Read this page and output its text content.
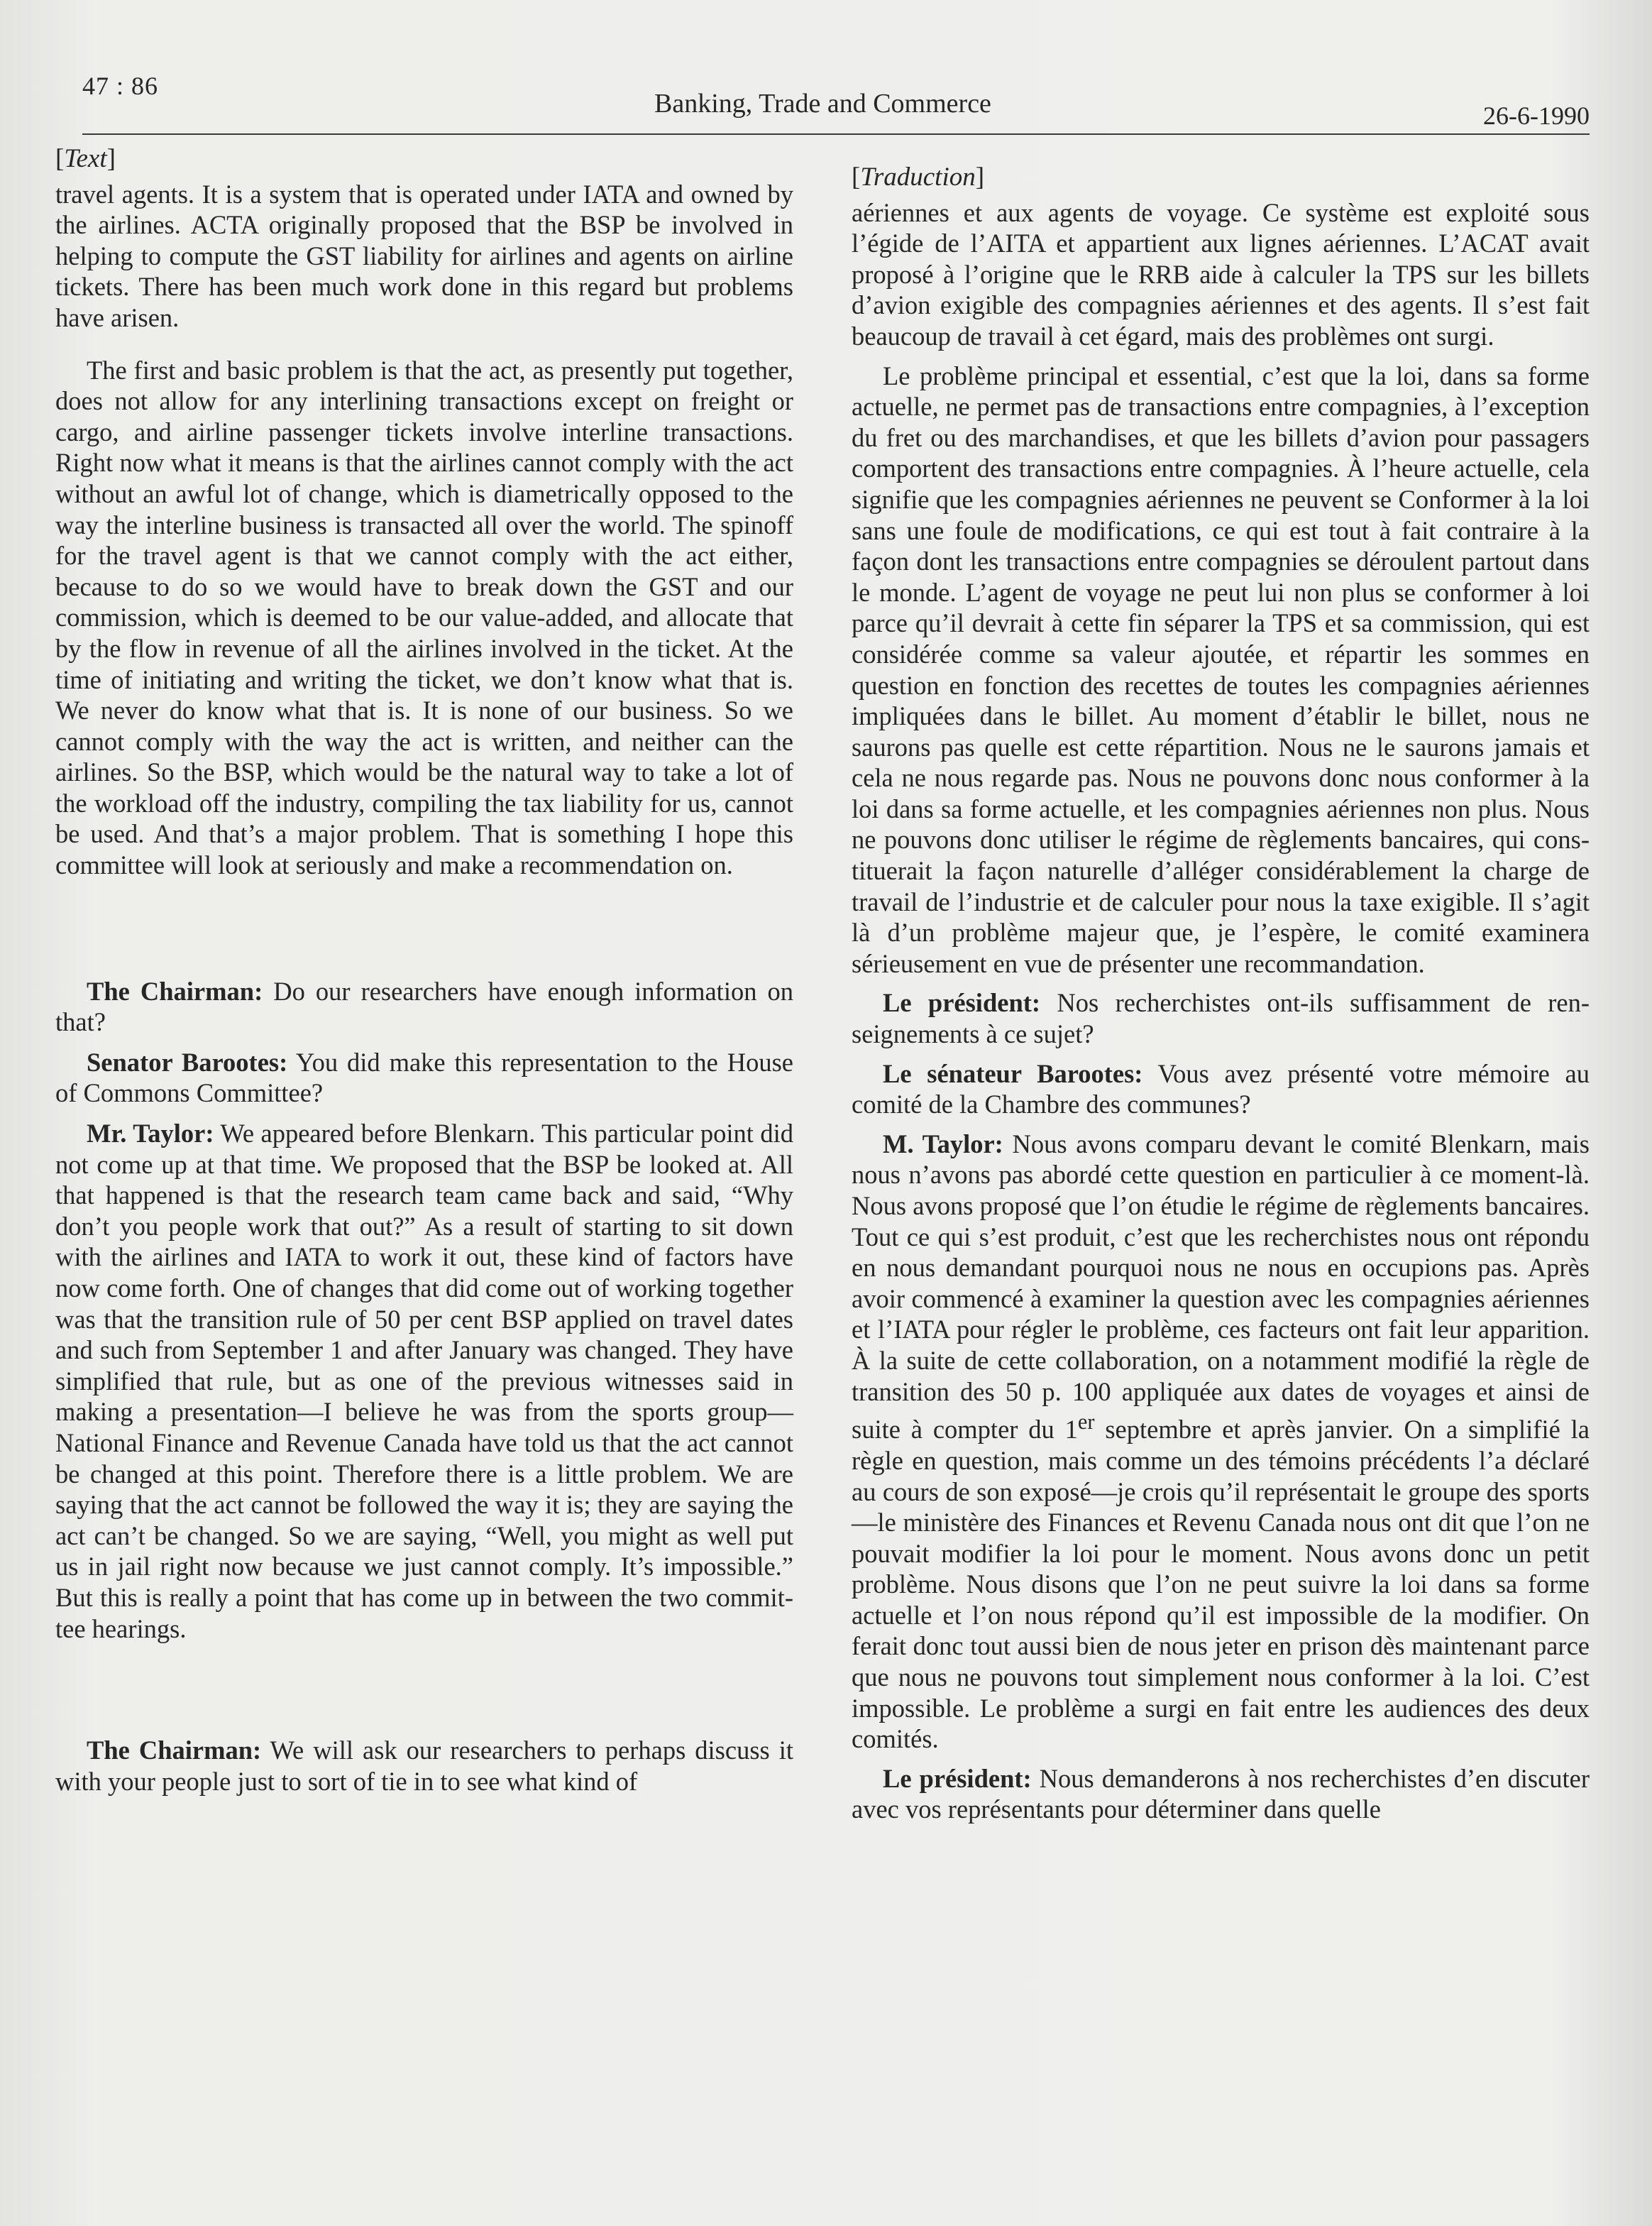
47 : 86
Banking, Trade and Commerce	26-6-1990
[Text]

travel agents. It is a system that is operated under IATA and owned by the airlines. ACTA originally proposed that the BSP be involved in helping to compute the GST liability for airlines and agents on airline tickets. There has been much work done in this regard but problems have arisen.

The first and basic problem is that the act, as presently put together, does not allow for any interlining transactions except on freight or cargo, and airline passenger tickets involve interline transactions. Right now what it means is that the airlines cannot comply with the act without an awful lot of change, which is diametrically opposed to the way the interline business is transacted all over the world. The spinoff for the travel agent is that we cannot comply with the act either, because to do so we would have to break down the GST and our commission, which is deemed to be our value-added, and allocate that by the flow in revenue of all the airlines involved in the ticket. At the time of initiating and writing the ticket, we don’t know what that is. We never do know what that is. It is none of our business. So we cannot comply with the way the act is written, and neither can the airlines. So the BSP, which would be the natural way to take a lot of the workload off the industry, compiling the tax liability for us, cannot be used. And that’s a major problem. That is something I hope this committee will look at seriously and make a recommendation on.

The Chairman: Do our researchers have enough information on that?

Senator Barootes: You did make this representation to the House of Commons Committee?

Mr. Taylor: We appeared before Blenkarn. This particular point did not come up at that time. We proposed that the BSP be looked at. All that happened is that the research team came back and said, “Why don’t you people work that out?” As a result of starting to sit down with the airlines and IATA to work it out, these kind of factors have now come forth. One of changes that did come out of working together was that the transition rule of 50 per cent BSP applied on travel dates and such from September 1 and after January was changed. They have simplified that rule, but as one of the previous witnesses said in making a presentation—I believe he was from the sports group—National Finance and Revenue Canada have told us that the act cannot be changed at this point. Therefore there is a little problem. We are saying that the act cannot be followed the way it is; they are saying the act can’t be changed. So we are saying, “Well, you might as well put us in jail right now because we just cannot comply. It’s impossible.” But this is really a point that has come up in between the two committee hearings.

The Chairman: We will ask our researchers to perhaps discuss it with your people just to sort of tie in to see what kind of

[Traduction]

aériennes et aux agents de voyage. Ce système est exploité sous l’égide de l’AITA et appartient aux lignes aériennes. L’ACAT avait proposé à l’origine que le RRB aide à calculer la TPS sur les billets d’avion exigible des compagnies aériennes et des agents. Il s’est fait beaucoup de travail à cet égard, mais des problèmes ont surgi.

Le problème principal et essential, c’est que la loi, dans sa forme actuelle, ne permet pas de transactions entre compagnies, à l’exception du fret ou des marchandises, et que les billets d’avion pour passagers comportent des transactions entre compagnies. À l’heure actuelle, cela signifie que les compagnies aériennes ne peuvent se Conformer à la loi sans une foule de modifications, ce qui est tout à fait contraire à la façon dont les transactions entre compagnies se déroulent partout dans le monde. L’agent de voyage ne peut lui non plus se conformer à loi parce qu’il devrait à cette fin séparer la TPS et sa commission, qui est considérée comme sa valeur ajoutée, et répartir les sommes en question en fonction des recettes de toutes les compagnies aériennes impliquées dans le billet. Au moment d’établir le billet, nous ne saurons pas quelle est cette répartition. Nous ne le saurons jamais et cela ne nous regarde pas. Nous ne pouvons donc nous conformer à la loi dans sa forme actuelle, et les compagnies aériennes non plus. Nous ne pouvons donc utiliser le régime de règlements bancaires, qui constituerait la façon naturelle d’alléger considérablement la charge de travail de l’industrie et de calculer pour nous la taxe exigible. Il s’agit là d’un problème majeur que, je l’espère, le comité examinera sérieusement en vue de présenter une recommandation.

Le président: Nos recherchistes ont-ils suffisamment de renseignements à ce sujet?

Le sénateur Barootes: Vous avez présenté votre mémoire au comité de la Chambre des communes?

M. Taylor: Nous avons comparu devant le comité Blenkarn, mais nous n’avons pas abordé cette question en particulier à ce moment-là. Nous avons proposé que l’on étudie le régime de règlements bancaires. Tout ce qui s’est produit, c’est que les recherchistes nous ont répondu en nous demandant pourquoi nous ne nous en occupions pas. Après avoir commencé à examiner la question avec les compagnies aériennes et l’IATA pour régler le problème, ces facteurs ont fait leur apparition. À la suite de cette collaboration, on a notamment modifié la règle de transition des 50 p. 100 appliquée aux dates de voyages et ainsi de suite à compter du 1er septembre et après janvier. On a simplifié la règle en question, mais comme un des témoins précédents l’a déclaré au cours de son exposé—je crois qu’il représentait le groupe des sports—le ministère des Finances et Revenu Canada nous ont dit que l’on ne pouvait modifier la loi pour le moment. Nous avons donc un petit problème. Nous disons que l’on ne peut suivre la loi dans sa forme actuelle et l’on nous répond qu’il est impossible de la modifier. On ferait donc tout aussi bien de nous jeter en prison dès maintenant parce que nous ne pouvons tout simplement nous conformer à la loi. C’est impossible. Le problème a surgi en fait entre les audiences des deux comités.

Le président: Nous demanderons à nos recherchistes d’en discuter avec vos représentants pour déterminer dans quelle
